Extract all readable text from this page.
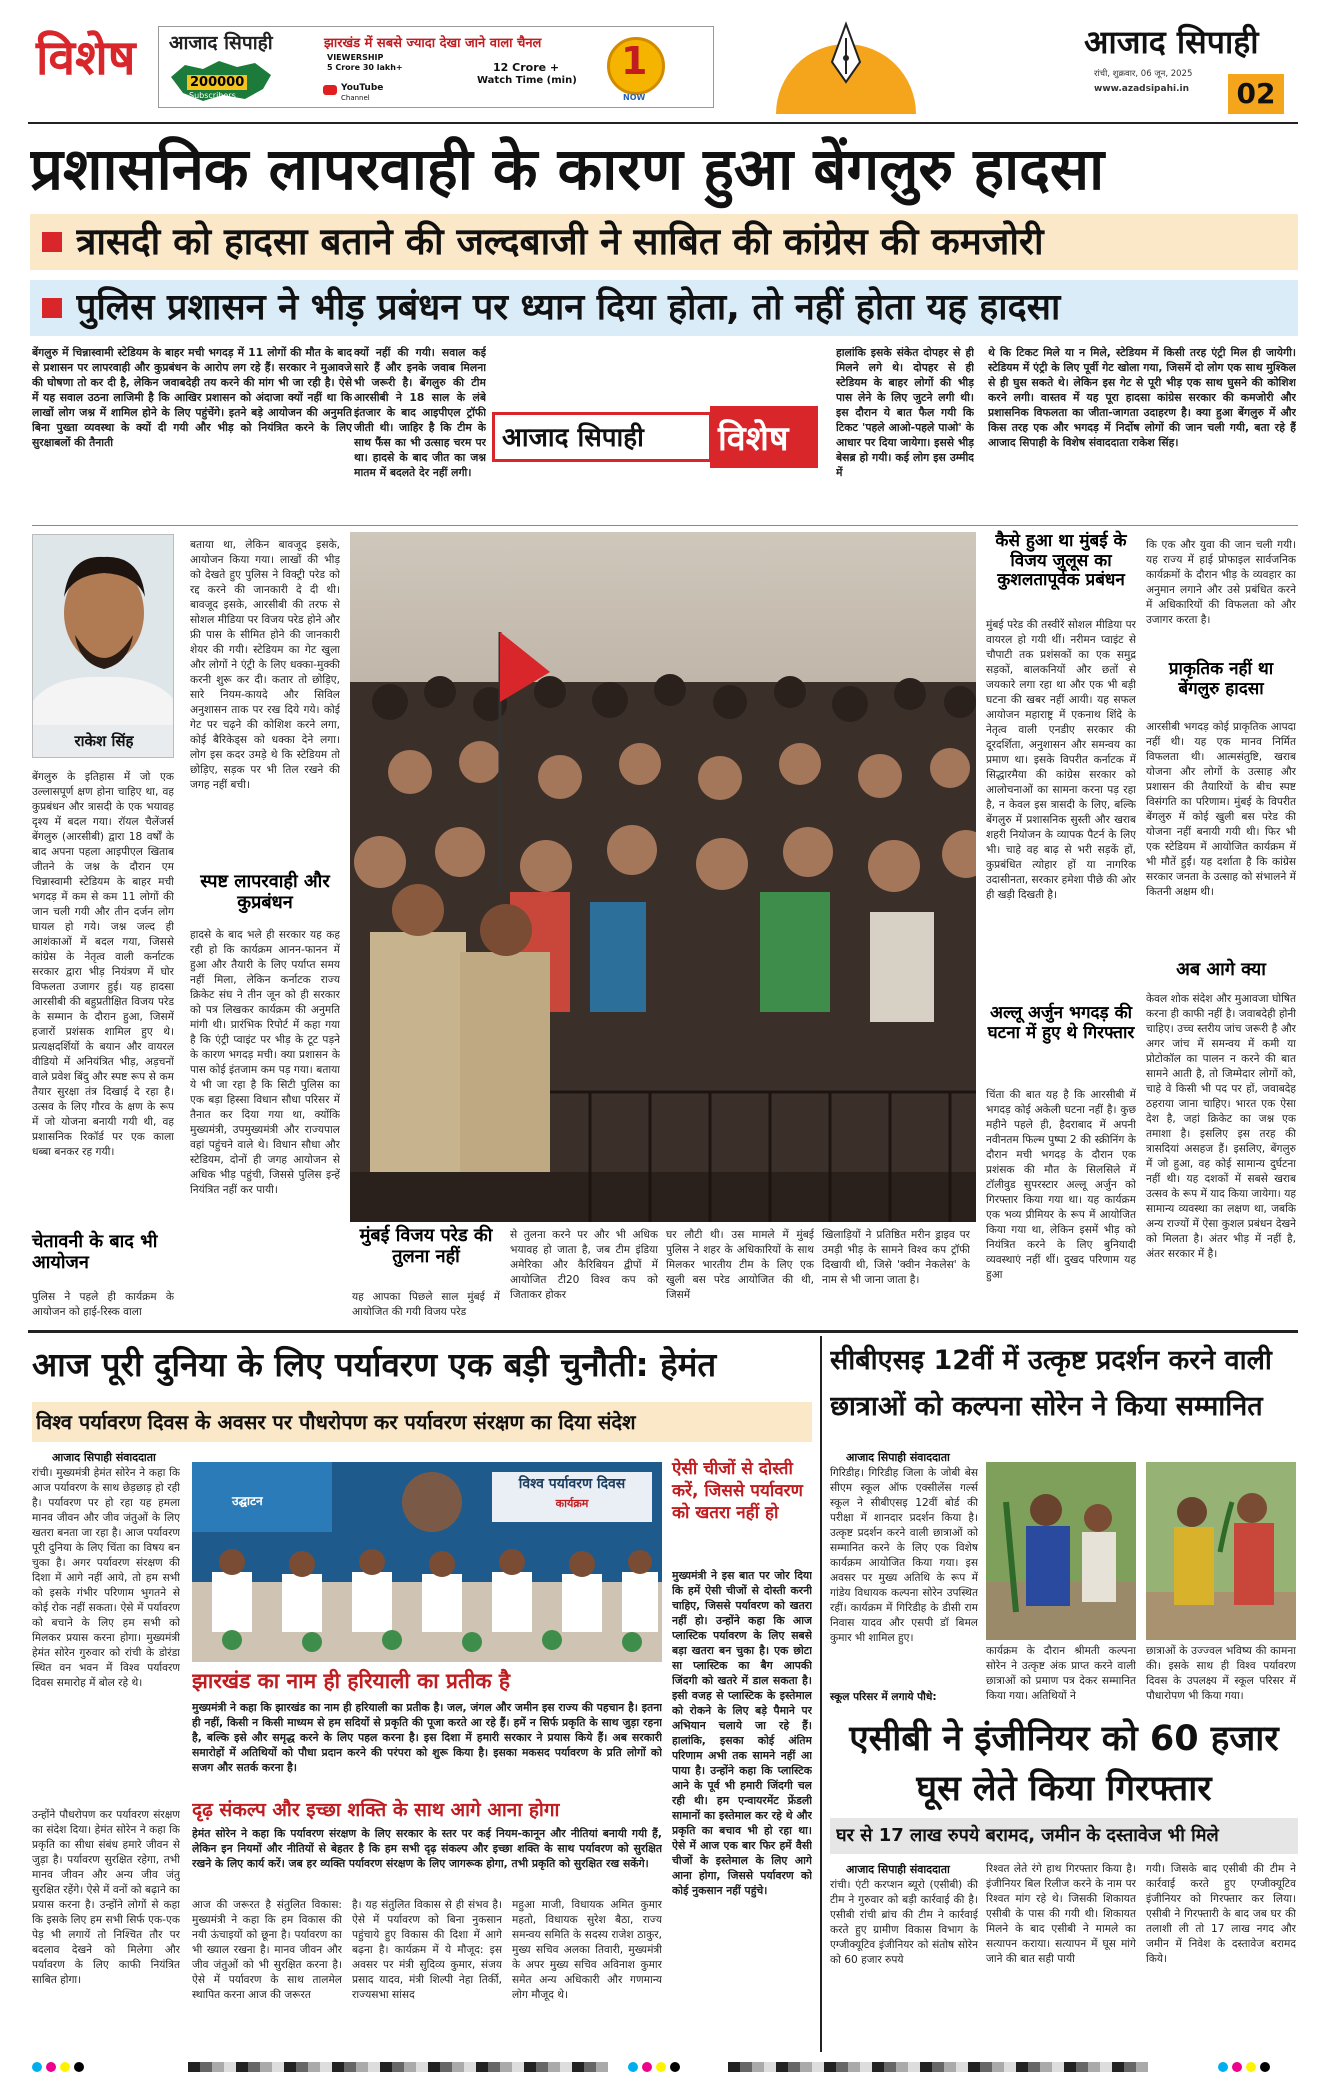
विशेष आजाद सिपाही	झारखंड में सबसे ज्यादा देखा जाने वाला चैनल
200000
Subscribers
VIEWERSHIP
5 Crore 30 lakh+	12 Crore +
Watch Time (min)
YouTube
Channel
1
NOW
आजाद सिपाही
रांची, शुक्रवार, 06 जून, 2025
www.azadsipahi.in	02
प्रशासनिक लापरवाही के कारण हुआ बेंगलुरु हादसा
त्रासदी को हादसा बताने की जल्दबाजी ने साबित की कांग्रेस की कमजोरी
पुलिस प्रशासन ने भीड़ प्रबंधन पर ध्यान दिया होता, तो नहीं होता यह हादसा
बेंगलुरु में चिन्नास्वामी स्टेडियम के बाहर मची भगदड़ में 11 लोगों की मौत के बाद से प्रशासन पर लापरवाही और कुप्रबंधन के आरोप लग रहे हैं। सरकार ने मुआवजे की घोषणा तो कर दी है, लेकिन जवाबदेही तय करने की मांग भी जा रही है। ऐसे में यह सवाल उठना लाजिमी है कि आखिर प्रशासन को अंदाजा क्यों नहीं था कि लाखों लोग जश्न में शामिल होने के लिए पहुंचेंगे। इतने बड़े आयोजन की अनुमति बिना पुख्ता व्यवस्था के क्यों दी गयी और भीड़ को नियंत्रित करने के लिए सुरक्षाबलों की तैनाती
क्यों नहीं की गयी। सवाल कई सारे हैं और इनके जवाब मिलना भी जरूरी है। बेंगलुरु की टीम आरसीबी ने 18 साल के लंबे इंतजार के बाद आइपीएल ट्रॉफी जीती थी। जाहिर है कि टीम के साथ फैंस का भी उत्साह चरम पर था। हादसे के बाद जीत का जश्न मातम में बदलते देर नहीं लगी।
आजाद सिपाही विशेष
हालांकि इसके संकेत दोपहर से ही मिलने लगे थे। दोपहर से ही स्टेडियम के बाहर लोगों की भीड़ पास लेने के लिए जुटने लगी थी। इस दौरान ये बात फैल गयी कि टिकट 'पहले आओ-पहले पाओ' के आधार पर दिया जायेगा। इससे भीड़ बेसब्र हो गयी। कई लोग इस उम्मीद में
थे कि टिकट मिले या न मिले, स्टेडियम में किसी तरह एंट्री मिल ही जायेगी। स्टेडियम में एंट्री के लिए पूर्वी गेट खोला गया, जिसमें दो लोग एक साथ मुश्किल से ही घुस सकते थे। लेकिन इस गेट से पूरी भीड़ एक साथ घुसने की कोशिश करने लगी। वास्तव में यह पूरा हादसा कांग्रेस सरकार की कमजोरी और प्रशासनिक विफलता का जीता-जागता उदाहरण है। क्या हुआ बेंगलुरु में और किस तरह एक और भगदड़ में निर्दोष लोगों की जान चली गयी, बता रहे हैं आजाद सिपाही के विशेष संवाददाता राकेश सिंह।
राकेश सिंह
बेंगलुरु के इतिहास में जो एक उल्लासपूर्ण क्षण होना चाहिए था, वह कुप्रबंधन और त्रासदी के एक भयावह दृश्य में बदल गया। रॉयल चैलेंजर्स बेंगलुरु (आरसीबी) द्वारा 18 वर्षों के बाद अपना पहला आइपीएल खिताब जीतने के जश्न के दौरान एम चिन्नास्वामी स्टेडियम के बाहर मची भगदड़ में कम से कम 11 लोगों की जान चली गयी और तीन दर्जन लोग घायल हो गये। जश्न जल्द ही आशंकाओं में बदल गया, जिससे कांग्रेस के नेतृत्व वाली कर्नाटक सरकार द्वारा भीड़ नियंत्रण में घोर विफलता उजागर हुई। यह हादसा आरसीबी की बहुप्रतीक्षित विजय परेड के सम्मान के दौरान हुआ, जिसमें हजारों प्रशंसक शामिल हुए थे। प्रत्यक्षदर्शियों के बयान और वायरल वीडियो में अनियंत्रित भीड़, अड़चनों वाले प्रवेश बिंदु और स्पष्ट रूप से कम तैयार सुरक्षा तंत्र दिखाई दे रहा है। उत्सव के लिए गौरव के क्षण के रूप में जो योजना बनायी गयी थी, वह प्रशासनिक रिकॉर्ड पर एक काला धब्बा बनकर रह गयी।
चेतावनी के बाद भी आयोजन
पुलिस ने पहले ही कार्यक्रम के आयोजन को हाई-रिस्क वाला
बताया था, लेकिन बावजूद इसके, आयोजन किया गया। लाखों की भीड़ को देखते हुए पुलिस ने विक्ट्री परेड को रद्द करने की जानकारी दे दी थी। बावजूद इसके, आरसीबी की तरफ से सोशल मीडिया पर विजय परेड होने और फ्री पास के सीमित होने की जानकारी शेयर की गयी। स्टेडियम का गेट खुला और लोगों ने एंट्री के लिए धक्का-मुक्की करनी शुरू कर दी। कतार तो छोड़िए, सारे नियम-कायदे और सिविल अनुशासन ताक पर रख दिये गये। कोई गेट पर चढ़ने की कोशिश करने लगा, कोई बैरिकेड्स को धक्का देने लगा। लोग इस कदर उमड़े थे कि स्टेडियम तो छोड़िए, सड़क पर भी तिल रखने की जगह नहीं बची।
स्पष्ट लापरवाही और कुप्रबंधन
हादसे के बाद भले ही सरकार यह कह रही हो कि कार्यक्रम आनन-फानन में हुआ और तैयारी के लिए पर्याप्त समय नहीं मिला, लेकिन कर्नाटक राज्य क्रिकेट संघ ने तीन जून को ही सरकार को पत्र लिखकर कार्यक्रम की अनुमति मांगी थी। प्रारंभिक रिपोर्ट में कहा गया है कि एंट्री प्वाइंट पर भीड़ के टूट पड़ने के कारण भगदड़ मची। क्या प्रशासन के पास कोई इंतजाम कम पड़ गया। बताया ये भी जा रहा है कि सिटी पुलिस का एक बड़ा हिस्सा विधान सौधा परिसर में तैनात कर दिया गया था, क्योंकि मुख्यमंत्री, उपमुख्यमंत्री और राज्यपाल वहां पहुंचने वाले थे। विधान सौधा और स्टेडियम, दोनों ही जगह आयोजन से अधिक भीड़ पहुंची, जिससे पुलिस इन्हें नियंत्रित नहीं कर पायी।
मुंबई विजय परेड की तुलना नहीं
यह आपका पिछले साल मुंबई में आयोजित की गयी विजय परेड
से तुलना करने पर और भी अधिक भयावह हो जाता है, जब टीम इंडिया अमेरिका और कैरिबियन द्वीपों में आयोजित टी20 विश्व कप को जिताकर होकर
घर लौटी थी। उस मामले में मुंबई पुलिस ने शहर के अधिकारियों के साथ मिलकर भारतीय टीम के लिए एक खुली बस परेड आयोजित की थी, जिसमें
खिलाड़ियों ने प्रतिष्ठित मरीन ड्राइव पर उमड़ी भीड़ के सामने विश्व कप ट्रॉफी दिखायी थी, जिसे 'क्वीन नेकलेस' के नाम से भी जाना जाता है।
कैसे हुआ था मुंबई के विजय जुलूस का कुशलतापूर्वक प्रबंधन
मुंबई परेड की तस्वीरें सोशल मीडिया पर वायरल हो गयी थीं। नरीमन प्वाइंट से चौपाटी तक प्रशंसकों का एक समुद्र सड़कों, बालकनियों और छतों से जयकारे लगा रहा था और एक भी बड़ी घटना की खबर नहीं आयी। यह सफल आयोजन महाराष्ट्र में एकनाथ शिंदे के नेतृत्व वाली एनडीए सरकार की दूरदर्शिता, अनुशासन और समन्वय का प्रमाण था। इसके विपरीत कर्नाटक में सिद्धारमैया की कांग्रेस सरकार को आलोचनाओं का सामना करना पड़ रहा है, न केवल इस त्रासदी के लिए, बल्कि बेंगलुरु में प्रशासनिक सुस्ती और खराब शहरी नियोजन के व्यापक पैटर्न के लिए भी। चाहे वह बाढ़ से भरी सड़कें हों, कुप्रबंधित त्योहार हों या नागरिक उदासीनता, सरकार हमेशा पीछे की ओर ही खड़ी दिखती है।
अल्लू अर्जुन भगदड़ की घटना में हुए थे गिरफ्तार
चिंता की बात यह है कि आरसीबी में भगदड़ कोई अकेली घटना नहीं है। कुछ महीने पहले ही, हैदराबाद में अपनी नवीनतम फिल्म पुष्पा 2 की स्क्रीनिंग के दौरान मची भगदड़ के दौरान एक प्रशंसक की मौत के सिलसिले में टॉलीवुड सुपरस्टार अल्लू अर्जुन को गिरफ्तार किया गया था। यह कार्यक्रम एक भव्य प्रीमियर के रूप में आयोजित किया गया था, लेकिन इसमें भीड़ को नियंत्रित करने के लिए बुनियादी व्यवस्थाएं नहीं थीं। दुखद परिणाम यह हुआ
कि एक और युवा की जान चली गयी। यह राज्य में हाई प्रोफाइल सार्वजनिक कार्यक्रमों के दौरान भीड़ के व्यवहार का अनुमान लगाने और उसे प्रबंधित करने में अधिकारियों की विफलता को और उजागर करता है।
प्राकृतिक नहीं था बेंगलुरु हादसा
आरसीबी भगदड़ कोई प्राकृतिक आपदा नहीं थी। यह एक मानव निर्मित विफलता थी। आत्मसंतुष्टि, खराब योजना और लोगों के उत्साह और प्रशासन की तैयारियों के बीच स्पष्ट विसंगति का परिणाम। मुंबई के विपरीत बेंगलुरु में कोई खुली बस परेड की योजना नहीं बनायी गयी थी। फिर भी एक स्टेडियम में आयोजित कार्यक्रम में भी मौतें हुईं। यह दर्शाता है कि कांग्रेस सरकार जनता के उत्साह को संभालने में कितनी अक्षम थी।
अब आगे क्या
केवल शोक संदेश और मुआवजा घोषित करना ही काफी नहीं है। जवाबदेही होनी चाहिए। उच्च स्तरीय जांच जरूरी है और अगर जांच में समन्वय में कमी या प्रोटोकॉल का पालन न करने की बात सामने आती है, तो जिम्मेदार लोगों को, चाहे वे किसी भी पद पर हों, जवाबदेह ठहराया जाना चाहिए। भारत एक ऐसा देश है, जहां क्रिकेट का जश्न एक तमाशा है। इसलिए इस तरह की त्रासदियां असहज हैं। इसलिए, बेंगलुरु में जो हुआ, वह कोई सामान्य दुर्घटना नहीं थी। यह दशकों में सबसे खराब उत्सव के रूप में याद किया जायेगा। यह सामान्य व्यवस्था का लक्षण था, जबकि अन्य राज्यों में ऐसा कुशल प्रबंधन देखने को मिलता है। अंतर भीड़ में नहीं है, अंतर सरकार में है।
आज पूरी दुनिया के लिए पर्यावरण एक बड़ी चुनौती: हेमंत
विश्व पर्यावरण दिवस के अवसर पर पौधरोपण कर पर्यावरण संरक्षण का दिया संदेश
आजाद सिपाही संवाददाता
रांची। मुख्यमंत्री हेमंत सोरेन ने कहा कि आज पर्यावरण के साथ छेड़छाड़ हो रही है। पर्यावरण पर हो रहा यह हमला मानव जीवन और जीव जंतुओं के लिए खतरा बनता जा रहा है। आज पर्यावरण पूरी दुनिया के लिए चिंता का विषय बन चुका है। अगर पर्यावरण संरक्षण की दिशा में आगे नहीं आये, तो हम सभी को इसके गंभीर परिणाम भुगतने से कोई रोक नहीं सकता। ऐसे में पर्यावरण को बचाने के लिए हम सभी को मिलकर प्रयास करना होगा। मुख्यमंत्री हेमंत सोरेन गुरुवार को रांची के डोरंडा स्थित वन भवन में विश्व पर्यावरण दिवस समारोह में बोल रहे थे।
उन्होंने पौधरोपण कर पर्यावरण संरक्षण का संदेश दिया। हेमंत सोरेन ने कहा कि प्रकृति का सीधा संबंध हमारे जीवन से जुड़ा है। पर्यावरण सुरक्षित रहेगा, तभी मानव जीवन और अन्य जीव जंतु सुरक्षित रहेंगे। ऐसे में वनों को बढ़ाने का प्रयास करना है। उन्होंने लोगों से कहा कि इसके लिए हम सभी सिर्फ एक-एक पेड़ भी लगायें तो निश्चित तौर पर बदलाव देखने को मिलेगा और पर्यावरण के लिए काफी नियंत्रित साबित होगा।
विश्व पर्यावरण दिवस
कार्यक्रम
उद्घाटन
झारखंड का नाम ही हरियाली का प्रतीक है
मुख्यमंत्री ने कहा कि झारखंड का नाम ही हरियाली का प्रतीक है। जल, जंगल और जमीन इस राज्य की पहचान है। इतना ही नहीं, किसी न किसी माध्यम से हम सदियों से प्रकृति की पूजा करते आ रहे हैं। हमें न सिर्फ प्रकृति के साथ जुड़ा रहना है, बल्कि इसे और समृद्ध करने के लिए पहल करना है। इस दिशा में हमारी सरकार ने प्रयास किये हैं। अब सरकारी समारोहों में अतिथियों को पौधा प्रदान करने की परंपरा को शुरू किया है। इसका मकसद पर्यावरण के प्रति लोगों को सजग और सतर्क करना है।
दृढ़ संकल्प और इच्छा शक्ति के साथ आगे आना होगा
हेमंत सोरेन ने कहा कि पर्यावरण संरक्षण के लिए सरकार के स्तर पर कई नियम-कानून और नीतियां बनायी गयी हैं, लेकिन इन नियमों और नीतियों से बेहतर है कि हम सभी दृढ़ संकल्प और इच्छा शक्ति के साथ पर्यावरण को सुरक्षित रखने के लिए कार्य करें। जब हर व्यक्ति पर्यावरण संरक्षण के लिए जागरूक होगा, तभी प्रकृति को सुरक्षित रख सकेंगे।
आज की जरूरत है संतुलित विकास: मुख्यमंत्री ने कहा कि हम विकास की नयी ऊंचाइयों को छूना है। पर्यावरण का भी ख्याल रखना है। मानव जीवन और जीव जंतुओं को भी सुरक्षित करना है। ऐसे में पर्यावरण के साथ तालमेल स्थापित करना आज की जरूरत
है। यह संतुलित विकास से ही संभव है। ऐसे में पर्यावरण को बिना नुकसान पहुंचाये हुए विकास की दिशा में आगे बढ़ना है। कार्यक्रम में ये मौजूद: इस अवसर पर मंत्री सुदिव्य कुमार, संजय प्रसाद यादव, मंत्री शिल्पी नेहा तिर्की, राज्यसभा सांसद
महुआ माजी, विधायक अमित कुमार महतो, विधायक सुरेश बैठा, राज्य समन्वय समिति के सदस्य राजेश ठाकुर, मुख्य सचिव अलका तिवारी, मुख्यमंत्री के अपर मुख्य सचिव अविनाश कुमार समेत अन्य अधिकारी और गणमान्य लोग मौजूद थे।
ऐसी चीजों से दोस्ती करें, जिससे पर्यावरण को खतरा नहीं हो
मुख्यमंत्री ने इस बात पर जोर दिया कि हमें ऐसी चीजों से दोस्ती करनी चाहिए, जिससे पर्यावरण को खतरा नहीं हो। उन्होंने कहा कि आज प्लास्टिक पर्यावरण के लिए सबसे बड़ा खतरा बन चुका है। एक छोटा सा प्लास्टिक का बैग आपकी जिंदगी को खतरे में डाल सकता है। इसी वजह से प्लास्टिक के इस्तेमाल को रोकने के लिए बड़े पैमाने पर अभियान चलाये जा रहे हैं। हालांकि, इसका कोई अंतिम परिणाम अभी तक सामने नहीं आ पाया है। उन्होंने कहा कि प्लास्टिक आने के पूर्व भी हमारी जिंदगी चल रही थी। हम एन्वायरमेंट फ्रेंडली सामानों का इस्तेमाल कर रहे थे और प्रकृति का बचाव भी हो रहा था। ऐसे में आज एक बार फिर हमें वैसी चीजों के इस्तेमाल के लिए आगे आना होगा, जिससे पर्यावरण को कोई नुकसान नहीं पहुंचे।
सीबीएसइ 12वीं में उत्कृष्ट प्रदर्शन करने वाली छात्राओं को कल्पना सोरेन ने किया सम्मानित
आजाद सिपाही संवाददाता
गिरिडीह। गिरिडीह जिला के जोबी बेस सीएम स्कूल ऑफ एक्सीलेंस गर्ल्स स्कूल ने सीबीएसइ 12वीं बोर्ड की परीक्षा में शानदार प्रदर्शन किया है। उत्कृष्ट प्रदर्शन करने वाली छात्राओं को सम्मानित करने के लिए एक विशेष कार्यक्रम आयोजित किया गया। इस अवसर पर मुख्य अतिथि के रूप में गांडेय विधायक कल्पना सोरेन उपस्थित रहीं। कार्यक्रम में गिरिडीह के डीसी राम निवास यादव और एसपी डॉ बिमल कुमार भी शामिल हुए।
स्कूल परिसर में लगाये पौधे:
कार्यक्रम के दौरान श्रीमती कल्पना सोरेन ने उत्कृष्ट अंक प्राप्त करने वाली छात्राओं को प्रमाण पत्र देकर सम्मानित किया गया। अतिथियों ने
छात्राओं के उज्ज्वल भविष्य की कामना की। इसके साथ ही विश्व पर्यावरण दिवस के उपलक्ष्य में स्कूल परिसर में पौधारोपण भी किया गया।
एसीबी ने इंजीनियर को 60 हजार घूस लेते किया गिरफ्तार
घर से 17 लाख रुपये बरामद, जमीन के दस्तावेज भी मिले
आजाद सिपाही संवाददाता
रांची। एंटी करप्शन ब्यूरो (एसीबी) की टीम ने गुरुवार को बड़ी कार्रवाई की है। एसीबी रांची ब्रांच की टीम ने कार्रवाई करते हुए ग्रामीण विकास विभाग के एग्जीक्यूटिव इंजीनियर को संतोष सोरेन को 60 हजार रुपये
रिश्वत लेते रंगे हाथ गिरफ्तार किया है। इंजीनियर बिल रिलीज करने के नाम पर रिश्वत मांग रहे थे। जिसकी शिकायत एसीबी के पास की गयी थी। शिकायत मिलने के बाद एसीबी ने मामले का सत्यापन कराया। सत्यापन में घूस मांगे जाने की बात सही पायी
गयी। जिसके बाद एसीबी की टीम ने कार्रवाई करते हुए एग्जीक्यूटिव इंजीनियर को गिरफ्तार कर लिया। एसीबी ने गिरफ्तारी के बाद जब घर की तलाशी ली तो 17 लाख नगद और जमीन में निवेश के दस्तावेज बरामद किये।
